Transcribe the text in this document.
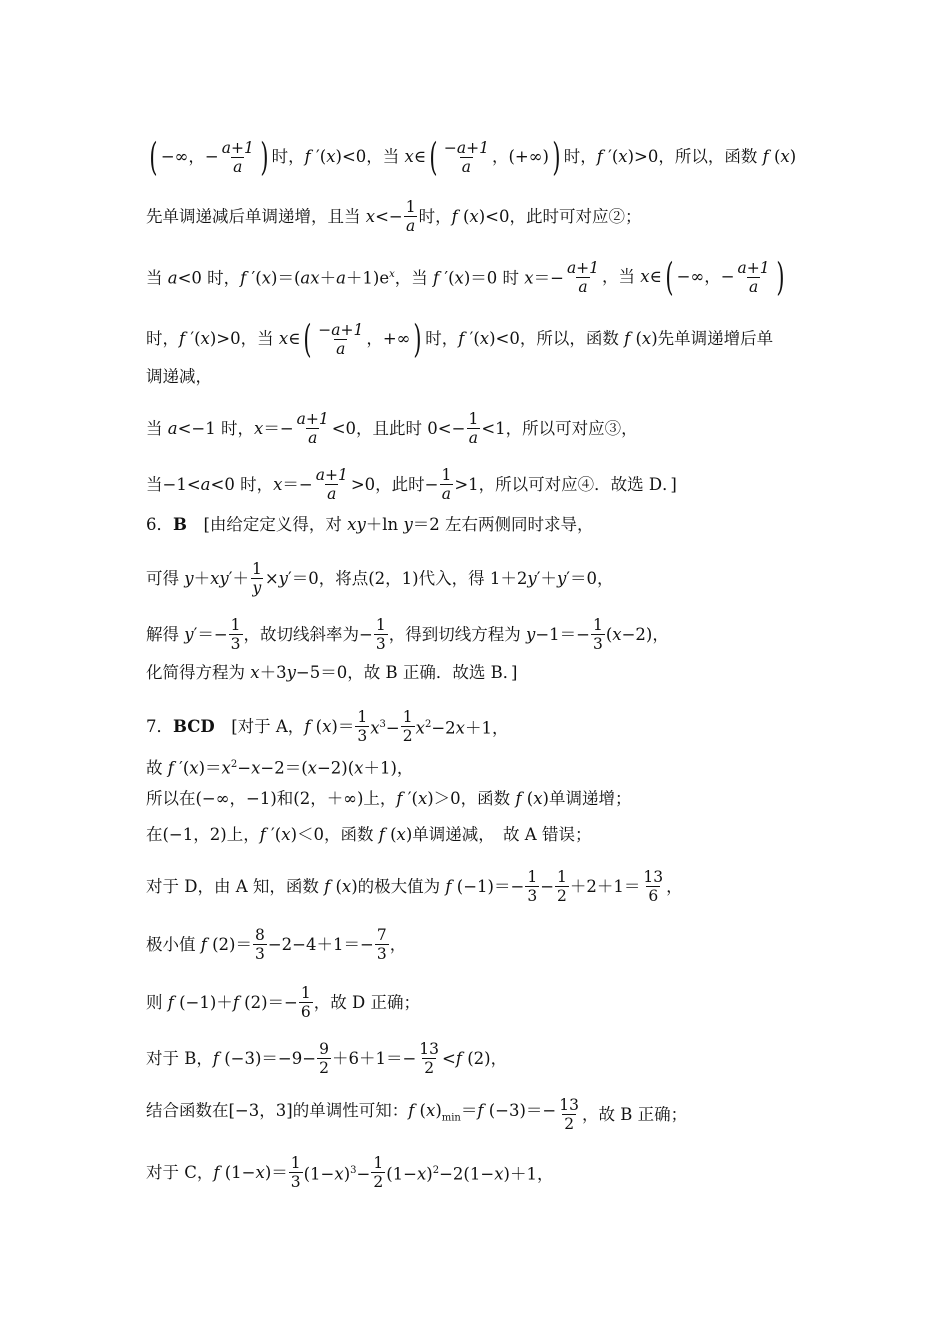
( −∞ ， − $\frac{a+1}{a}$ ) 时，f ′(x)<0，当 x∈ ( $\frac{-a+1}{a}$ ， ( +∞ ) ) 时，f ′(x)>0，所以，函数 f (x)
先单调递减后单调递增，且当 $x<- \frac{1}{a}$ 时，f (x)<0，此时可对应②；
当 a<0 时，f $'(x)=(ax+a+1)e^x$，当 f ′(x)＝0 时 $x=- \frac{a+1}{a}$ ，当 x∈ ( −∞ ，− $\frac{a+1}{a}$ )
时，f ′(x)>0，当 x∈ ( $\frac{-a+1}{a}$ ， +∞ ) 时，f ′(x)<0，所以，函数 f (x)先单调递增后单
调递减，
当 a<−1 时，$x=- \frac{a+1}{a} <0$，且此时 $0<- \frac{1}{a} <1$，所以可对应③，
当−1<a<0 时，$x=- \frac{a+1}{a} >0$，此时− $\frac{1}{a} >1$，所以可对应④．故选 D．]
6．B　[由给定定义得，对 xy＋ln y＝2 左右两侧同时求导，
可得 $y+xy'+ \frac{1}{y} \times y'=0$，将点(2，1)代入，得 1＋2y′＋y′＝0，
解得 $y'=- \frac{1}{3}$ ，故切线斜率为− $\frac{1}{3}$ ，得到切线方程为 $y-1=- \frac{1}{3} (x-2)$，
化简得方程为 x＋3y−5＝0，故 B 正确．故选 B．]
7．BCD　[对于 A，f $(x)= \frac{1}{3} x^3- \frac{1}{2} x^2-2x+1$，
故 f $'(x)=x^2-x-2=(x-2)(x+1)$，
所以在(−∞，−1)和(2，＋∞)上，f ′(x)＞0，函数 f (x)单调递增；
在(−1，2)上，f ′(x)＜0，函数 f (x)单调递减，　故 A 错误；
对于 D，由 A 知，函数 f (x)的极大值为 f $(-1)=- \frac{1}{3} - \frac{1}{2} +2+1= \frac{13}{6}$ ，
极小值 f $(2)= \frac{8}{3} -2-4+1=- \frac{7}{3}$ ，
则 f (−1)＋f $(2)=- \frac{1}{6}$ ，故 D 正确；
对于 B，f $(-3)=-9- \frac{9}{2} +6+1=- \frac{13}{2} <f$ (2)，
结合函数在[−3，3]的单调性可知：f $(x)_{min}=f$ $(-3)=- \frac{13}{2}$ ，故 B 正确；
对于 C，f $(1-x)= \frac{1}{3} (1-x)^3- \frac{1}{2} (1-x)^2-2(1-x)+1$，
